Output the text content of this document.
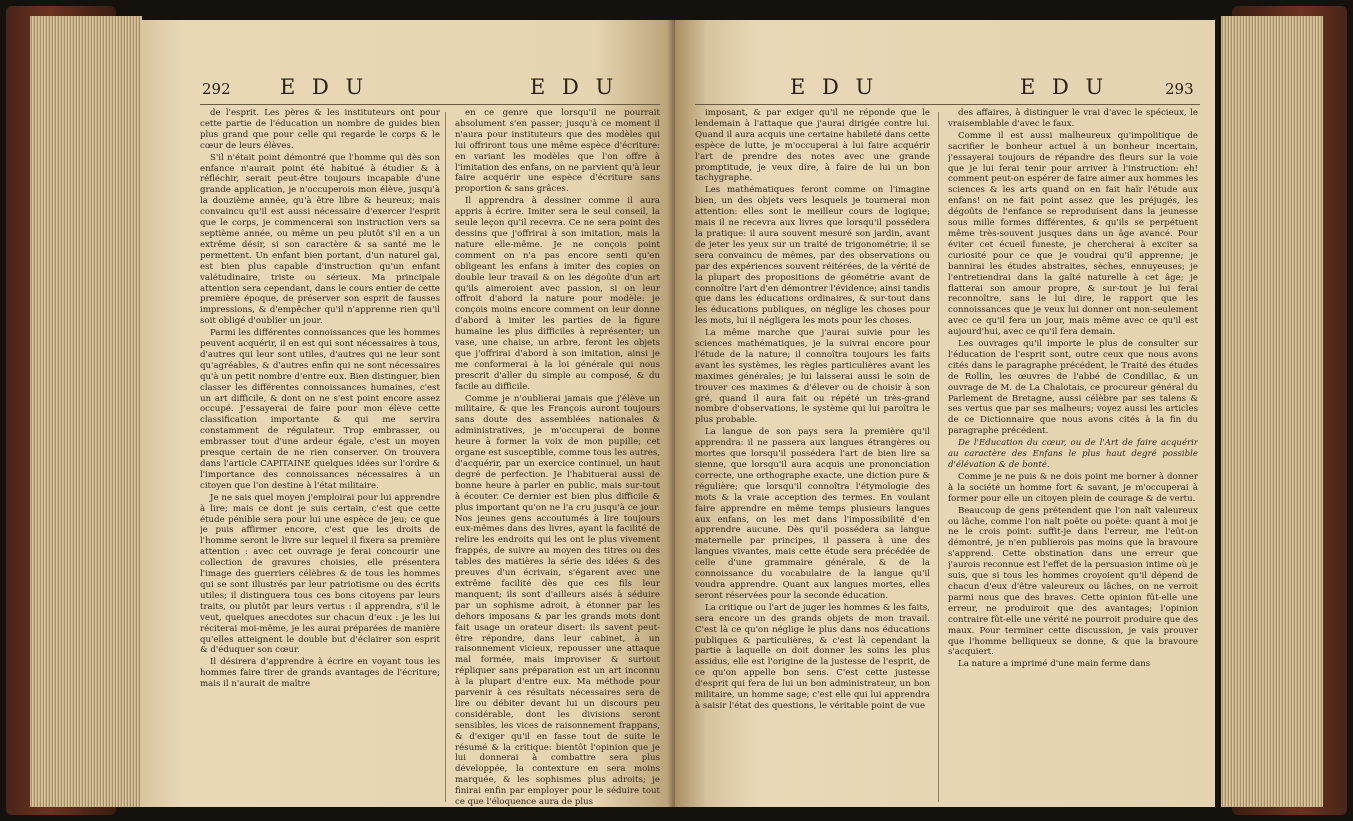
292 E D U	E D U

de l'esprit. Les pères & les instituteurs ont pour cette partie de l'éducation un nombre de guides bien plus grand que pour celle qui regarde le corps & le cœur de leurs élèves.

S'il n'était point démontré que l'homme qui dès son enfance n'aurait point été habitué à étudier & à réfléchir, serait peut-être toujours incapable d'une grande application, je n'occuperois mon élève, jusqu'à la douzième année, qu'à être libre & heureux; mais convaincu qu'il est aussi nécessaire d'exercer l'esprit que le corps, je commencerai son instruction vers sa septième année, ou même un peu plutôt s'il en a un extrême désir, si son caractère & sa santé me le permettent. Un enfant bien portant, d'un naturel gai, est bien plus capable d'instruction qu'un enfant valétudinaire, triste ou sérieux. Ma principale attention sera cependant, dans le cours entier de cette première époque, de préserver son esprit de fausses impressions, & d'empêcher qu'il n'apprenne rien qu'il soit obligé d'oublier un jour.

Parmi les différentes connoissances que les hommes peuvent acquérir, il en est qui sont nécessaires à tous, d'autres qui leur sont utiles, d'autres qui ne leur sont qu'agréables, & d'autres enfin qui ne sont nécessaires qu'à un petit nombre d'entre eux. Bien distinguer, bien classer les différentes connoissances humaines, c'est un art difficile, & dont on ne s'est point encore assez occupé. J'essayerai de faire pour mon élève cette classification importante & qui me servira constamment de régulateur. Trop embrasser, ou embrasser tout d'une ardeur égale, c'est un moyen presque certain de ne rien conserver. On trouvera dans l'article CAPITAINE quelques idées sur l'ordre & l'importance des connoissances nécessaires à un citoyen que l'on destine à l'état militaire.

Je ne sais quel moyen j'emploirai pour lui apprendre à lire; mais ce dont je suis certain, c'est que cette étude pénible sera pour lui une espèce de jeu; ce que je puis affirmer encore, c'est que les droits de l'homme seront le livre sur lequel il fixera sa première attention : avec cet ouvrage je ferai concourir une collection de gravures choisies, elle présentera l'image des guerriers célèbres & de tous les hommes qui se sont illustrés par leur patriotisme ou des écrits utiles; il distinguera tous ces bons citoyens par leurs traits, ou plutôt par leurs vertus : il apprendra, s'il le veut, quelques anecdotes sur chacun d'eux : je les lui réciterai moi-même, je les aurai préparées de manière qu'elles atteignent le double but d'éclairer son esprit & d'éduquer son cœur.

Il désirera d'apprendre à écrire en voyant tous les hommes faire tirer de grands avantages de l'écriture; mais il n'aurait de maître

en ce genre que lorsqu'il ne pourrait absolument s'en passer; jusqu'à ce moment il n'aura pour instituteurs que des modèles qui lui offriront tous une même espèce d'écriture: en variant les modèles que l'on offre à l'imitation des enfans, on ne parvient qu'à leur faire acquérir une espèce d'écriture sans proportion & sans grâces.

Il apprendra à dessiner comme il aura appris à écrire. Imiter sera le seul conseil, la seule leçon qu'il recevra. Ce ne sera point des dessins que j'offrirai à son imitation, mais la nature elle-même. Je ne conçois point comment on n'a pas encore senti qu'en obligeant les enfans à imiter des copies on double leur travail & on les dégoûte d'un art qu'ils aimeroient avec passion, si on leur offroit d'abord la nature pour modèle: je conçois moins encore comment on leur donne d'abord à imiter les parties de la figure humaine les plus difficiles à représenter; un vase, une chaise, un arbre, feront les objets que j'offrirai d'abord à son imitation, ainsi je me conformerai à la loi générale qui nous prescrit d'aller du simple au composé, & du facile au difficile.

Comme je n'oublierai jamais que j'élève un militaire, & que les François auront toujours sans doute des assemblées nationales & administratives, je m'occuperai de bonne heure à former la voix de mon pupille; cet organe est susceptible, comme tous les autres, d'acquérir, par un exercice continuel, un haut degré de perfection. Je l'habituerai aussi de bonne heure à parler en public, mais sur-tout à écouter. Ce dernier est bien plus difficile & plus important qu'on ne l'a cru jusqu'à ce jour. Nos jeunes gens accoutumés à lire toujours eux-mêmes dans des livres, ayant la facilité de relire les endroits qui les ont le plus vivement frappés, de suivre au moyen des titres ou des tables des matières la série des idées & des preuves d'un écrivain, s'égarent avec une extrême facilité dès que ces fils leur manquent; ils sont d'ailleurs aisés à séduire par un sophisme adroit, à étonner par les dehors imposans & par les grands mots dont fait usage un orateur disert: ils savent peut-être répondre, dans leur cabinet, à un raisonnement vicieux, repousser une attaque mal formée, mais improviser & surtout répliquer sans préparation est un art inconnu à la plupart d'entre eux. Ma méthode pour parvenir à ces résultats nécessaires sera de lire ou débiter devant lui un discours peu considérable, dont les divisions seront sensibles, les vices de raisonnement frappans, & d'exiger qu'il en fasse tout de suite le résumé & la critique: bientôt l'opinion que je lui donnerai à combattre sera plus développée, la contexture en sera moins marquée, & les sophismes plus adroits; je finirai enfin par employer pour le séduire tout ce que l'éloquence aura de plus

E D U	E D U	293

imposant, & par exiger qu'il ne réponde que le lendemain à l'attaque que j'aurai dirigée contre lui. Quand il aura acquis une certaine habileté dans cette espèce de lutte, je m'occuperai à lui faire acquérir l'art de prendre des notes avec une grande promptitude, je veux dire, à faire de lui un bon tachygraphe.

Les mathématiques feront comme on l'imagine bien, un des objets vers lesquels je tournerai mon attention: elles sont le meilleur cours de logique; mais il ne recevra aux livres que lorsqu'il possédera la pratique: il aura souvent mesuré son jardin, avant de jeter les yeux sur un traité de trigonométrie; il se sera convaincu de mêmes, par des observations ou par des expériences souvent réitérées, de la vérité de la plupart des propositions de géométrie avant de connoître l'art d'en démontrer l'évidence; ainsi tandis que dans les éducations ordinaires, & sur-tout dans les éducations publiques, on néglige les choses pour les mots, lui il négligera les mots pour les choses.

La même marche que j'aurai suivie pour les sciences mathématiques, je la suivrai encore pour l'étude de la nature; il connoîtra toujours les faits avant les systèmes, les règles particulières avant les maximes générales; je lui laisserai aussi le soin de trouver ces maximes & d'élever ou de choisir à son gré, quand il aura fait ou répété un très-grand nombre d'observations, le système qui lui paroîtra le plus probable.

La langue de son pays sera la première qu'il apprendra: il ne passera aux langues étrangères ou mortes que lorsqu'il possédera l'art de bien lire sa sienne, que lorsqu'il aura acquis une prononciation correcte, une orthographe exacte, une diction pure & régulière; que lorsqu'il connoîtra l'étymologie des mots & la vraie acception des termes. En voulant faire apprendre en même temps plusieurs langues aux enfans, on les met dans l'impossibilité d'en apprendre aucune. Dès qu'il possédera sa langue maternelle par principes, il passera à une des langues vivantes, mais cette étude sera précédée de celle d'une grammaire générale, & de la connoissance du vocabulaire de la langue qu'il voudra apprendre. Quant aux langues mortes, elles seront réservées pour la seconde éducation.

La critique ou l'art de juger les hommes & les faits, sera encore un des grands objets de mon travail. C'est là ce qu'on néglige le plus dans nos éducations publiques & particulières, & c'est là cependant la partie à laquelle on doit donner les soins les plus assidus, elle est l'origine de la justesse de l'esprit, de ce qu'on appelle bon sens. C'est cette justesse d'esprit qui fera de lui un bon administrateur, un bon militaire, un homme sage; c'est elle qui lui apprendra à saisir l'état des questions, le véritable point de vue

des affaires, à distinguer le vrai d'avec le spécieux, le vraisemblable d'avec le faux.

Comme il est aussi malheureux qu'impolitique de sacrifier le bonheur actuel à un bonheur incertain, j'essayerai toujours de répandre des fleurs sur la voie que je lui ferai tenir pour arriver à l'instruction: eh! comment peut-on espérer de faire aimer aux hommes les sciences & les arts quand on en fait haïr l'étude aux enfans! on ne fait point assez que les préjugés, les dégoûts de l'enfance se reproduisent dans la jeunesse sous mille formes différentes, & qu'ils se perpétuent même très-souvent jusques dans un âge avancé. Pour éviter cet écueil funeste, je chercherai à exciter sa curiosité pour ce que je voudrai qu'il apprenne; je bannirai les études abstraites, sèches, ennuyeuses; je l'entretiendrai dans la gaîté naturelle à cet âge; je flatterai son amour propre, & sur-tout je lui ferai reconnoître, sans le lui dire, le rapport que les connoissances que je veux lui donner ont non-seulement avec ce qu'il fera un jour, mais même avec ce qu'il est aujourd'hui, avec ce qu'il fera demain.

Les ouvrages qu'il importe le plus de consulter sur l'éducation de l'esprit sont, outre ceux que nous avons cités dans le paragraphe précédent, le Traité des études de Rollin, les œuvres de l'abbé de Condillac, & un ouvrage de M. de La Chalotais, ce procureur général du Parlement de Bretagne, aussi célèbre par ses talens & ses vertus que par ses malheurs; voyez aussi les articles de ce Dictionnaire que nous avons cités à la fin du paragraphe précédent.

De l'Education du cœur, ou de l'Art de faire acquérir au caractère des Enfans le plus haut degré possible d'élévation & de bonté.

Comme je ne puis & ne dois point me borner à donner à la société un homme fort & savant, je m'occuperai à former pour elle un citoyen plein de courage & de vertu.

Beaucoup de gens prétendent que l'on naît valeureux ou lâche, comme l'on naît poëte ou poëte: quant à moi je ne le crois point: suffit-je dans l'erreur, me l'eût-on démontré, je n'en publierois pas moins que la bravoure s'apprend. Cette obstination dans une erreur que j'aurois reconnue est l'effet de la persuasion intime où je suis, que si tous les hommes croyoient qu'il dépend de chacun d'eux d'être valeureux ou lâches, on ne verroit parmi nous que des braves. Cette opinion fût-elle une erreur, ne produiroit que des avantages; l'opinion contraire fût-elle une vérité ne pourroit produire que des maux. Pour terminer cette discussion, je vais prouver que l'homme belliqueux se donne, & que la bravoure s'acquiert.

La nature a imprimé d'une main ferme dans
